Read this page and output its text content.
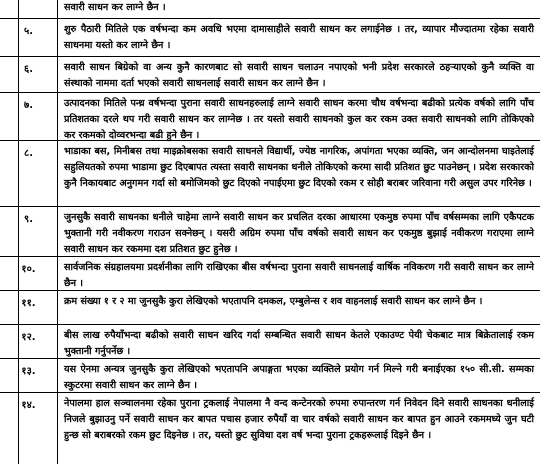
सवारी साधन कर लाग्ने छैन ।
५.	शुरु पैठारी मितिले एक वर्षभन्दा कम अवधि भएमा दामासाहीले सवारी साधन कर लगाईनेछ । तर, व्यापार मौज्दातमा रहेका सवारी साधनमा यस्तो कर लाग्ने छैन ।
६.	सवारी साधन बिग्रेको वा अन्य कुनै कारणबाट सो सवारी साधन चलाउन नपाएको भनी प्रदेश सरकारले ठहऱ्याएको कुनै व्यक्ति वा संस्थाको नाममा दर्ता भएको सवारी साधनलाई सवारी साधन कर लाग्ने छैन ।
७.	उत्पादनका मितिले पन्ध्र वर्षभन्दा पुराना सवारी साधनहरुलाई लाग्ने सवारी साधन करमा चौध वर्षभन्दा बढीको प्रत्येक वर्षको लागि पाँच प्रतिशतका दरले थप गरी सवारी साधन कर लाग्नेछ । तर यस्तो सवारी साधनको कुल कर रकम उक्त सवारी साधनको लागि तोकिएको कर रकमको दोव्वरभन्दा बढी हुने छैन ।
८.	भाडाका बस, मिनीबस तथा माइक्रोबसका सवारी साधनले विद्यार्थी, ज्येष्ठ नागरिक, अपांगता भएका व्यक्ति, जन आन्दोलनमा घाइतेलाई सहुलियतको रुपमा भाडामा छुट दिएबापत त्यस्ता सवारी साधनका धनीले तोकिएको करमा सादी प्रतिशत छुट पाउनेछन् । प्रदेश सरकारको कुनै निकायबाट अनुगमन गर्दा सो बमोजिमको छुट दिएको नपाईएमा छुट दिएको रकम र सोही बराबर जरिवाना गरी असुल उपर गरिनेछ ।
९.	जुनसुकै सवारी साधनका धनीले चाहेमा लाग्ने सवारी साधन कर प्रचलित दरका आधारमा एकमुष्ठ रुपमा पाँच वर्षसम्मका लागि एकैपटक भुक्तानी गरी नवीकरण गराउन सक्नेछन् । यसरी अग्रिम रुपमा पाँच वर्षको सवारी साधन कर एकमुष्ठ बुझाई नवीकरण गराएमा लाग्ने सवारी साधन कर रकममा दश प्रतिशत छुट हुनेछ ।
१०.	सार्वजनिक संग्रहालयमा प्रदर्शनीका लागि राखिएका बीस वर्षभन्दा पुराना सवारी साधनलाई वार्षिक नविकरण गरी सवारी साधन कर लाग्ने छैन ।
११.	क्रम संख्या १ र २ मा जुनसुकै कुरा लेखिएको भएतापनि दमकल, एम्बुलेन्स र शव वाहनलाई सवारी साधन कर लाग्ने छैन ।
१२.	बीस लाख रुपैयाँभन्दा बढीको सवारी साधन खरिद गर्दा सम्बन्धित सवारी साधन केतले एकाउण्ट पेयी चेकबाट मात्र बिक्रेतालाई रकम भुक्तानी गर्नुपर्नेछ ।
१३.	यस ऐनमा अन्यत्र जुनसुकै कुरा लेखिएको भएतापनि अपाङ्गता भएका व्यक्तिले प्रयोग गर्न मिल्ने गरी बनाईएका १५० सी.सी. सम्मका स्कुटरमा सवारी साधन कर लाग्ने छैन ।
१४.	नेपालमा हाल सञ्चालनमा रहेका पुराना ट्रकलाई नेपालमा नै वन्द कन्टेनरको रुपमा रुपान्तरण गर्न निवेदन दिने सवारी साधनका धनीलाई निजले बुझाउनु पर्ने सवारी साधन कर बापत पचास हजार रुपैयाँ वा चार वर्षको सवारी साधन कर बापत हुन आउने रकममध्ये जुन घटी हुन्छ सो बराबरको रकम छुट दिइनेछ । तर, यस्तो छुट सुविधा दश वर्ष भन्दा पुराना ट्रकहरूलाई दिइने छैन ।
